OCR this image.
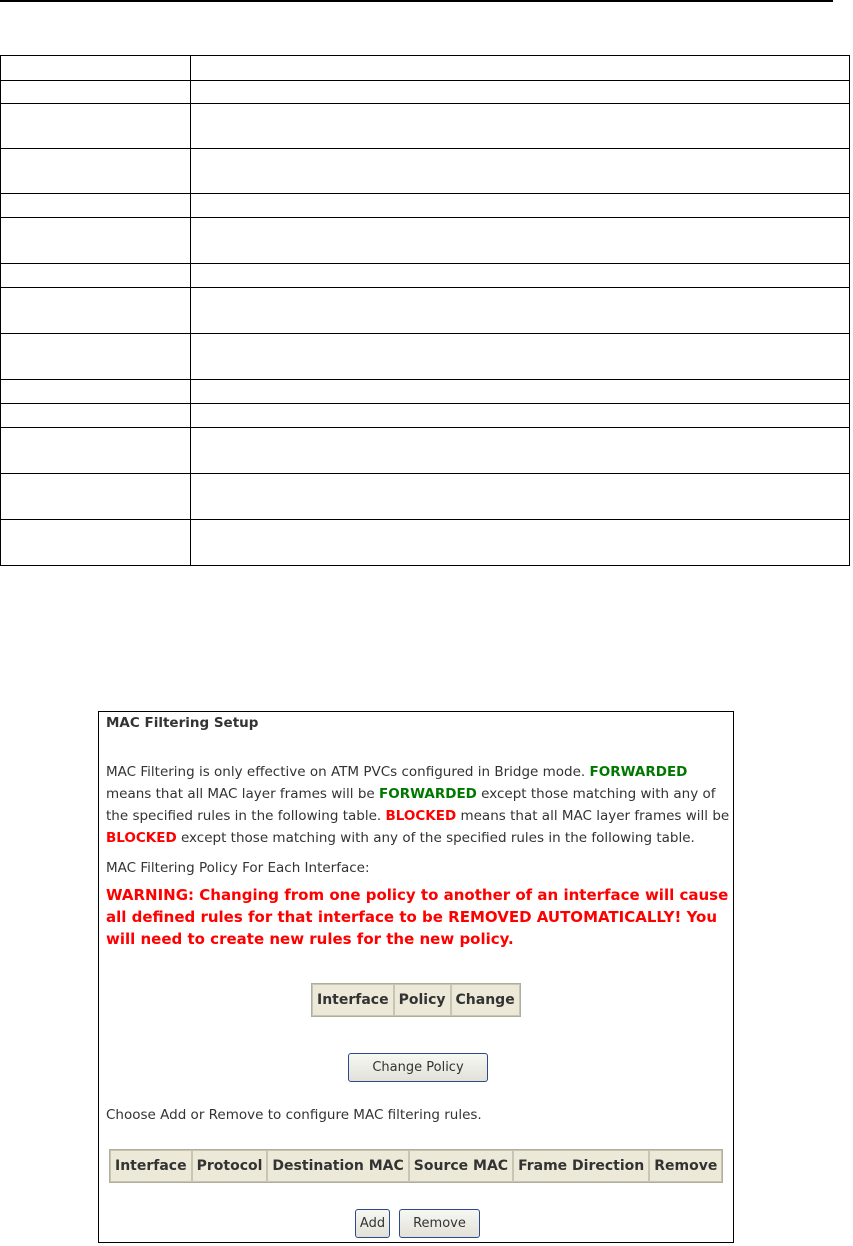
MAC Filtering Setup
MAC Filtering is only effective on ATM PVCs configured in Bridge mode. FORWARDED means that all MAC layer frames will be FORWARDED except those matching with any of the specified rules in the following table. BLOCKED means that all MAC layer frames will be BLOCKED except those matching with any of the specified rules in the following table.
MAC Filtering Policy For Each Interface:
WARNING: Changing from one policy to another of an interface will cause all defined rules for that interface to be REMOVED AUTOMATICALLY! You will need to create new rules for the new policy.
Interface	Policy	Change
Change Policy
Choose Add or Remove to configure MAC filtering rules.
Interface	Protocol	Destination MAC	Source MAC	Frame Direction	Remove
Add	Remove
